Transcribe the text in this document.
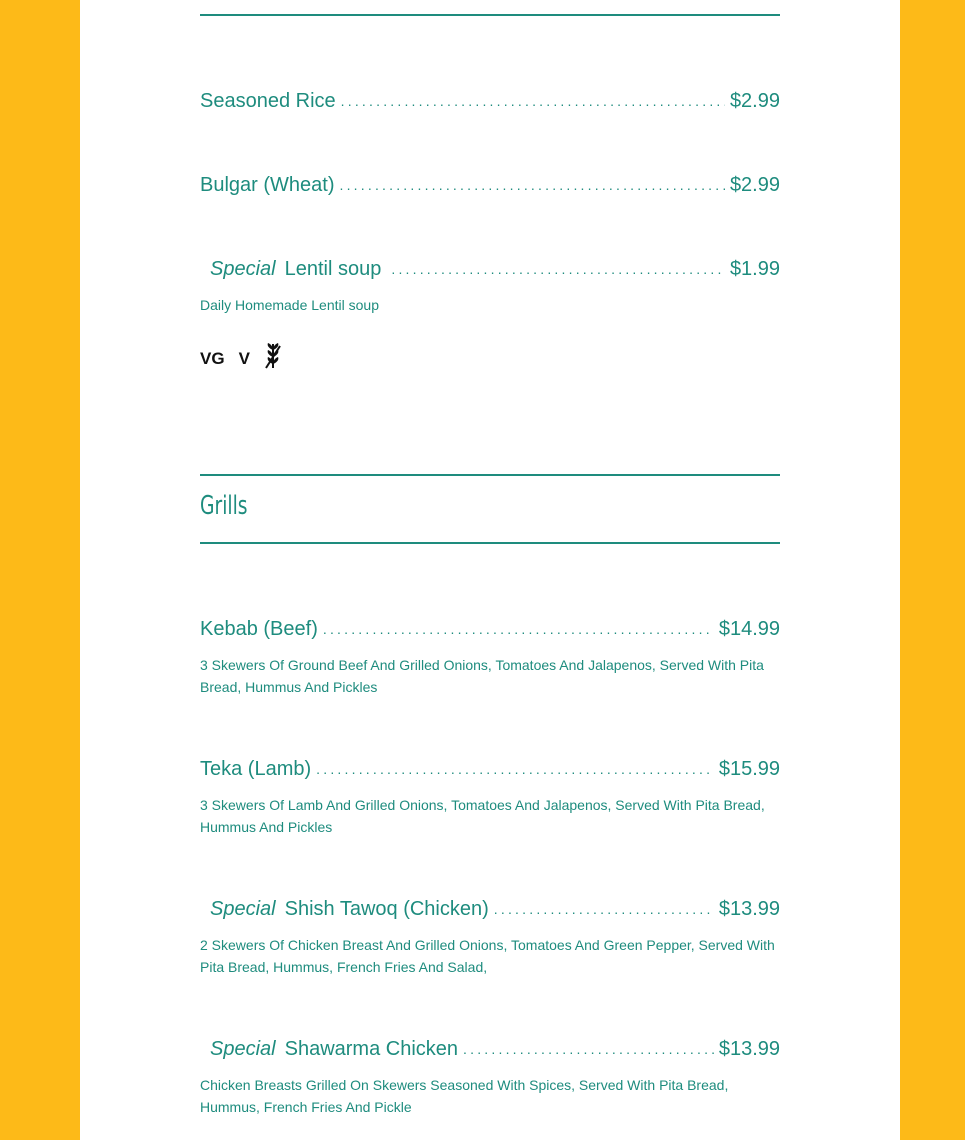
Seasoned Rice .....	$2.99
Bulgar (Wheat) .....	$2.99
Special Lentil soup .....	$1.99
Daily Homemade Lentil soup
VG V
Grills
Kebab (Beef) .....	$14.99
3 Skewers Of Ground Beef And Grilled Onions, Tomatoes And Jalapenos, Served With Pita Bread, Hummus And Pickles
Teka (Lamb) .....	$15.99
3 Skewers Of Lamb And Grilled Onions, Tomatoes And Jalapenos, Served With Pita Bread, Hummus And Pickles
Special Shish Tawoq (Chicken) .....	$13.99
2 Skewers Of Chicken Breast And Grilled Onions, Tomatoes And Green Pepper, Served With Pita Bread, Hummus, French Fries And Salad,
Special Shawarma Chicken .....	$13.99
Chicken Breasts Grilled On Skewers Seasoned With Spices, Served With Pita Bread, Hummus, French Fries And Pickle
